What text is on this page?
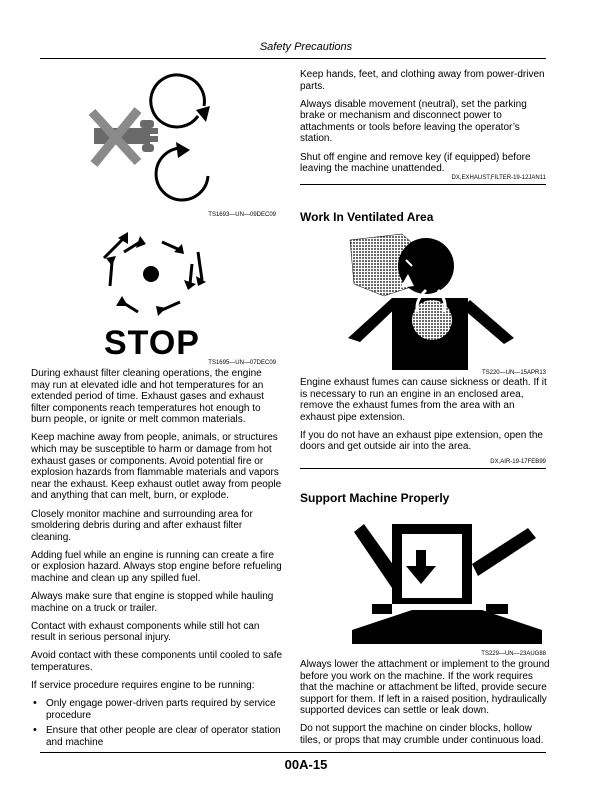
Safety Precautions
TS1693—UN—09DEC09
STOP
TS1695—UN—07DEC09

During exhaust filter cleaning operations, the engine may run at elevated idle and hot temperatures for an extended period of time. Exhaust gases and exhaust filter components reach temperatures hot enough to burn people, or ignite or melt common materials.

Keep machine away from people, animals, or structures which may be susceptible to harm or damage from hot exhaust gases or components. Avoid potential fire or explosion hazards from flammable materials and vapors near the exhaust. Keep exhaust outlet away from people and anything that can melt, burn, or explode.

Closely monitor machine and surrounding area for smoldering debris during and after exhaust filter cleaning.

Adding fuel while an engine is running can create a fire or explosion hazard. Always stop engine before refueling machine and clean up any spilled fuel.

Always make sure that engine is stopped while hauling machine on a truck or trailer.

Contact with exhaust components while still hot can result in serious personal injury.

Avoid contact with these components until cooled to safe temperatures.

If service procedure requires engine to be running:

• Only engage power-driven parts required by service procedure
• Ensure that other people are clear of operator station and machine

Keep hands, feet, and clothing away from power-driven parts.

Always disable movement (neutral), set the parking brake or mechanism and disconnect power to attachments or tools before leaving the operator’s station.

Shut off engine and remove key (if equipped) before leaving the machine unattended.

DX,EXHAUST,FILTER-19-12JAN11
Work In Ventilated Area
TS220—UN—15APR13

Engine exhaust fumes can cause sickness or death. If it is necessary to run an engine in an enclosed area, remove the exhaust fumes from the area with an exhaust pipe extension.

If you do not have an exhaust pipe extension, open the doors and get outside air into the area.

DX,AIR-19-17FEB99
Support Machine Properly
TS229—UN—23AUG88

Always lower the attachment or implement to the ground before you work on the machine. If the work requires that the machine or attachment be lifted, provide secure support for them. If left in a raised position, hydraulically supported devices can settle or leak down.

Do not support the machine on cinder blocks, hollow tiles, or props that may crumble under continuous load.

00A-15
